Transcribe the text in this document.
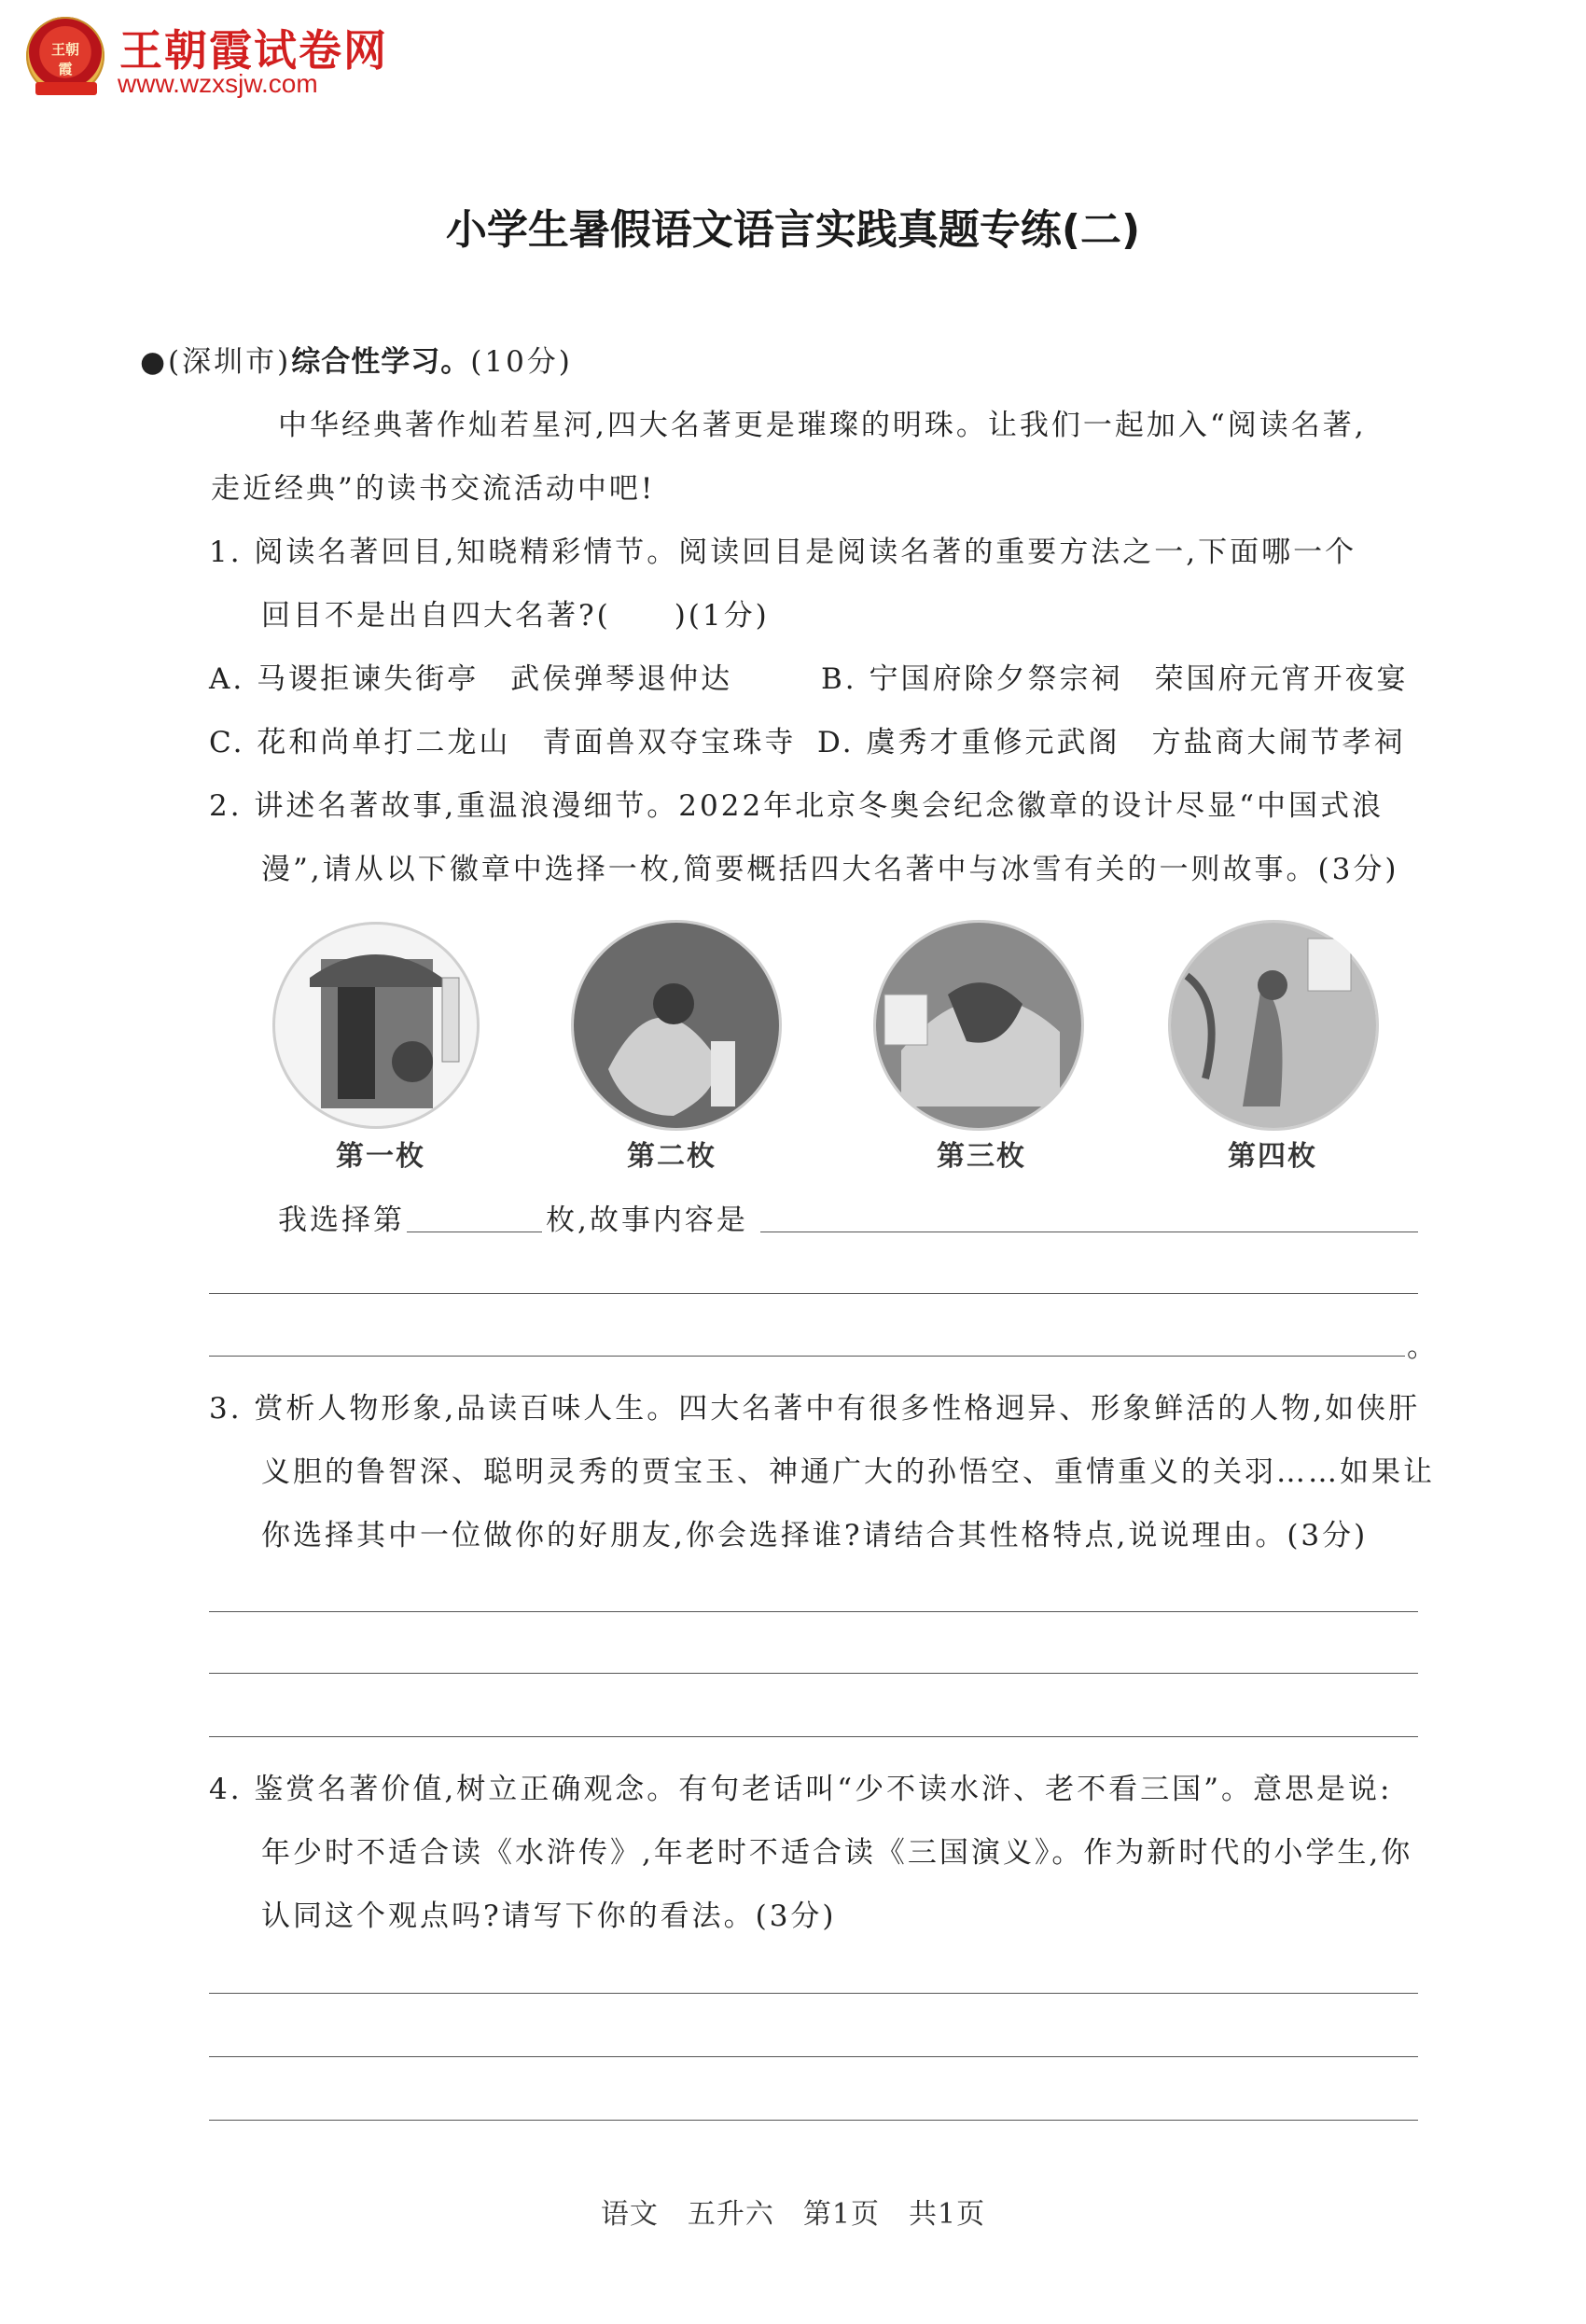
王朝霞	王朝霞试卷网
www.wzxsjw.com
小学生暑假语文语言实践真题专练(二)
●(深圳市)综合性学习。(10分)
中华经典著作灿若星河,四大名著更是璀璨的明珠。让我们一起加入“阅读名著,
走近经典”的读书交流活动中吧!
1. 阅读名著回目,知晓精彩情节。阅读回目是阅读名著的重要方法之一,下面哪一个
回目不是出自四大名著?(　　)(1分)
A. 马谡拒谏失街亭　武侯弹琴退仲达	B. 宁国府除夕祭宗祠　荣国府元宵开夜宴
C. 花和尚单打二龙山　青面兽双夺宝珠寺 D. 虞秀才重修元武阁　方盐商大闹节孝祠
2. 讲述名著故事,重温浪漫细节。2022年北京冬奥会纪念徽章的设计尽显“中国式浪
漫”,请从以下徽章中选择一枚,简要概括四大名著中与冰雪有关的一则故事。(3分)
第一枚	第二枚	第三枚	第四枚
我选择第	枚,故事内容是
。
3. 赏析人物形象,品读百味人生。四大名著中有很多性格迥异、形象鲜活的人物,如侠肝
义胆的鲁智深、聪明灵秀的贾宝玉、神通广大的孙悟空、重情重义的关羽……如果让
你选择其中一位做你的好朋友,你会选择谁?请结合其性格特点,说说理由。(3分)
4. 鉴赏名著价值,树立正确观念。有句老话叫“少不读水浒、老不看三国”。意思是说:
年少时不适合读《水浒传》,年老时不适合读《三国演义》。作为新时代的小学生,你
认同这个观点吗?请写下你的看法。(3分)
语文　五升六　第1页　共1页
